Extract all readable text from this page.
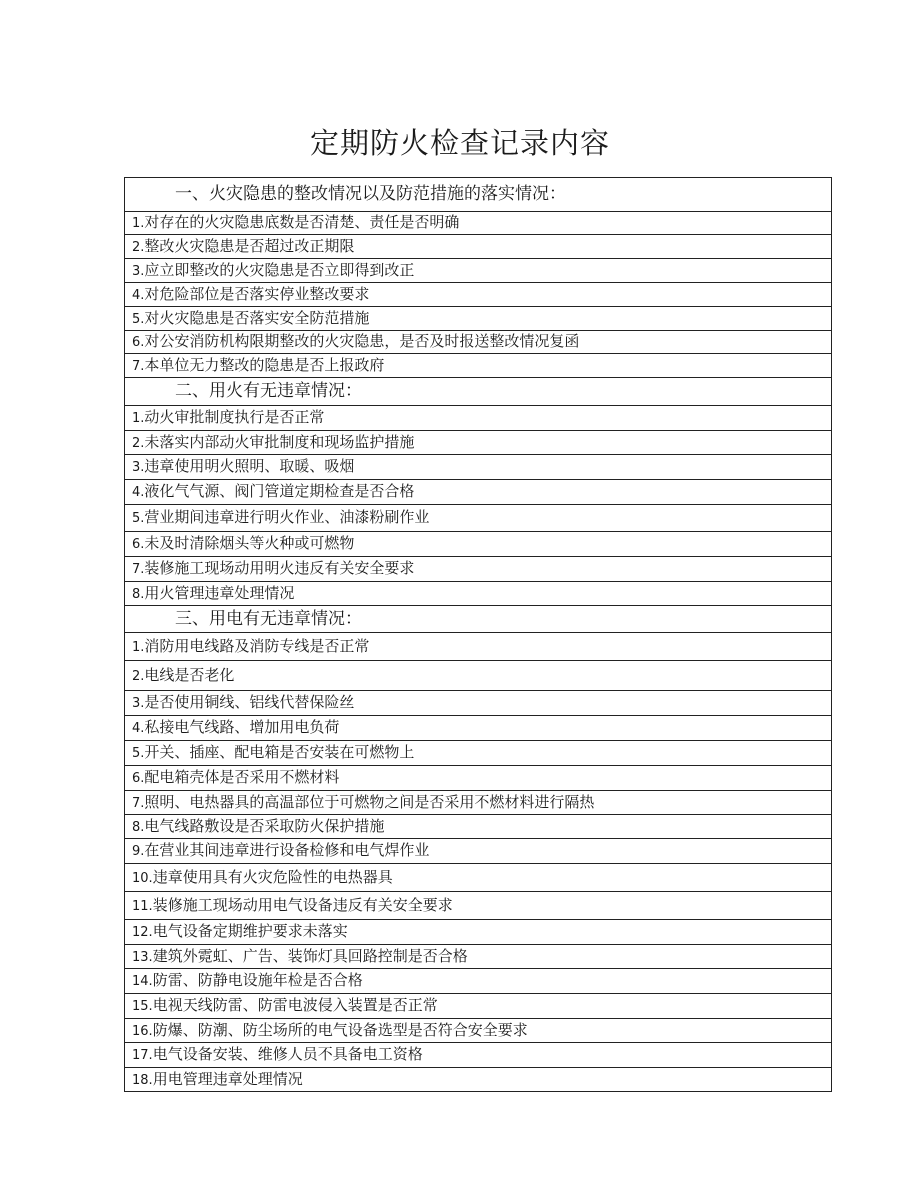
定期防火检查记录内容
一、火灾隐患的整改情况以及防范措施的落实情况：
1.对存在的火灾隐患底数是否清楚、责任是否明确
2.整改火灾隐患是否超过改正期限
3.应立即整改的火灾隐患是否立即得到改正
4.对危险部位是否落实停业整改要求
5.对火灾隐患是否落实安全防范措施
6.对公安消防机构限期整改的火灾隐患，是否及时报送整改情况复函
7.本单位无力整改的隐患是否上报政府
二、用火有无违章情况：
1.动火审批制度执行是否正常
2.未落实内部动火审批制度和现场监护措施
3.违章使用明火照明、取暖、吸烟
4.液化气气源、阀门管道定期检查是否合格
5.营业期间违章进行明火作业、油漆粉刷作业
6.未及时清除烟头等火种或可燃物
7.装修施工现场动用明火违反有关安全要求
8.用火管理违章处理情况
三、用电有无违章情况：
1.消防用电线路及消防专线是否正常
2.电线是否老化
3.是否使用铜线、铝线代替保险丝
4.私接电气线路、增加用电负荷
5.开关、插座、配电箱是否安装在可燃物上
6.配电箱壳体是否采用不燃材料
7.照明、电热器具的高温部位于可燃物之间是否采用不燃材料进行隔热
8.电气线路敷设是否采取防火保护措施
9.在营业其间违章进行设备检修和电气焊作业
10.违章使用具有火灾危险性的电热器具
11.装修施工现场动用电气设备违反有关安全要求
12.电气设备定期维护要求未落实
13.建筑外霓虹、广告、装饰灯具回路控制是否合格
14.防雷、防静电设施年检是否合格
15.电视天线防雷、防雷电波侵入装置是否正常
16.防爆、防潮、防尘场所的电气设备选型是否符合安全要求
17.电气设备安装、维修人员不具备电工资格
18.用电管理违章处理情况
